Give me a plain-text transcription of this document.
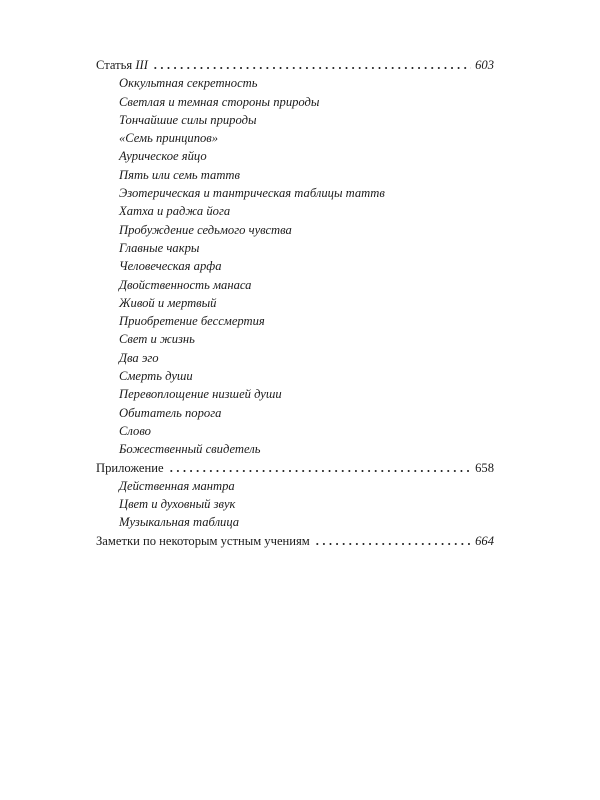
Статья III	603
Оккультная секретность
Светлая и темная стороны природы
Тончайшие силы природы
«Семь принципов»
Аурическое яйцо
Пять или семь таттв
Эзотерическая и тантрическая таблицы таттв
Хатха и раджа йога
Пробуждение седьмого чувства
Главные чакры
Человеческая арфа
Двойственность манаса
Живой и мертвый
Приобретение бессмертия
Свет и жизнь
Два эго
Смерть души
Перевоплощение низшей души
Обитатель порога
Слово
Божественный свидетель
Приложение	658
Действенная мантра
Цвет и духовный звук
Музыкальная таблица
Заметки по некоторым устным учениям	664
